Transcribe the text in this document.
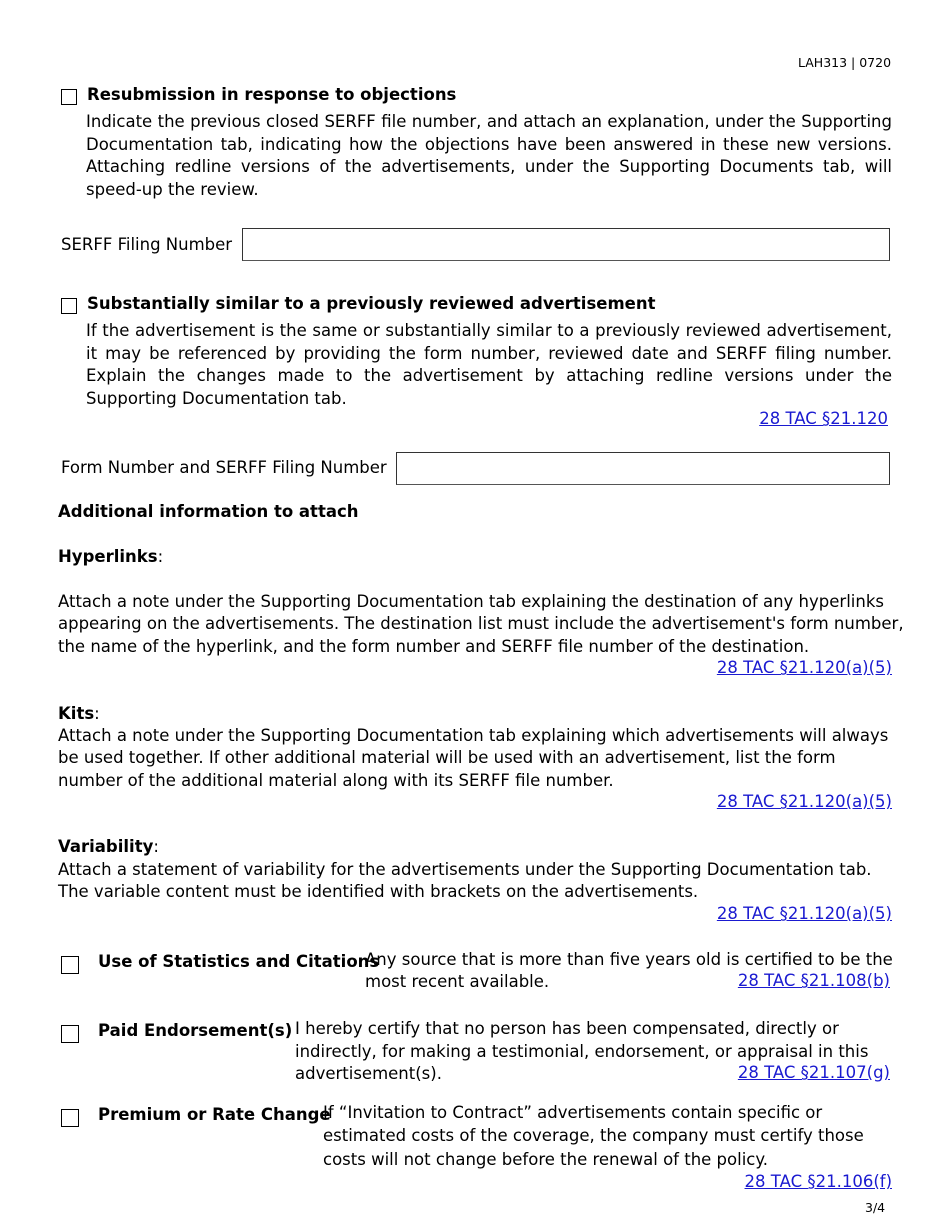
LAH313 | 0720
Resubmission in response to objections
Indicate the previous closed SERFF file number, and attach an explanation, under the Supporting Documentation tab, indicating how the objections have been answered in these new versions. Attaching redline versions of the advertisements, under the Supporting Documents tab, will speed-up the review.
SERFF Filing Number
Substantially similar to a previously reviewed advertisement
If the advertisement is the same or substantially similar to a previously reviewed advertisement, it may be referenced by providing the form number, reviewed date and SERFF filing number. Explain the changes made to the advertisement by attaching redline versions under the Supporting Documentation tab.
28 TAC §21.120
Form Number and SERFF Filing Number
Additional information to attach
Hyperlinks:
Attach a note under the Supporting Documentation tab explaining the destination of any hyperlinks
appearing on the advertisements. The destination list must include the advertisement's form number,
the name of the hyperlink, and the form number and SERFF file number of the destination.
28 TAC §21.120(a)(5)
Kits:
Attach a note under the Supporting Documentation tab explaining which advertisements will always
be used together. If other additional material will be used with an advertisement, list the form
number of the additional material along with its SERFF file number.
28 TAC §21.120(a)(5)
Variability:
Attach a statement of variability for the advertisements under the Supporting Documentation tab.
The variable content must be identified with brackets on the advertisements.
28 TAC §21.120(a)(5)
Use of Statistics and Citations
Any source that is more than five years old is certified to be the
most recent available.	28 TAC §21.108(b)
Paid Endorsement(s) I hereby certify that no person has been compensated, directly or
indirectly, for making a testimonial, endorsement, or appraisal in this
advertisement(s).	28 TAC §21.107(g)
Premium or Rate Change
If “Invitation to Contract” advertisements contain specific or
estimated costs of the coverage, the company must certify those
costs will not change before the renewal of the policy.
28 TAC §21.106(f)
3/4
